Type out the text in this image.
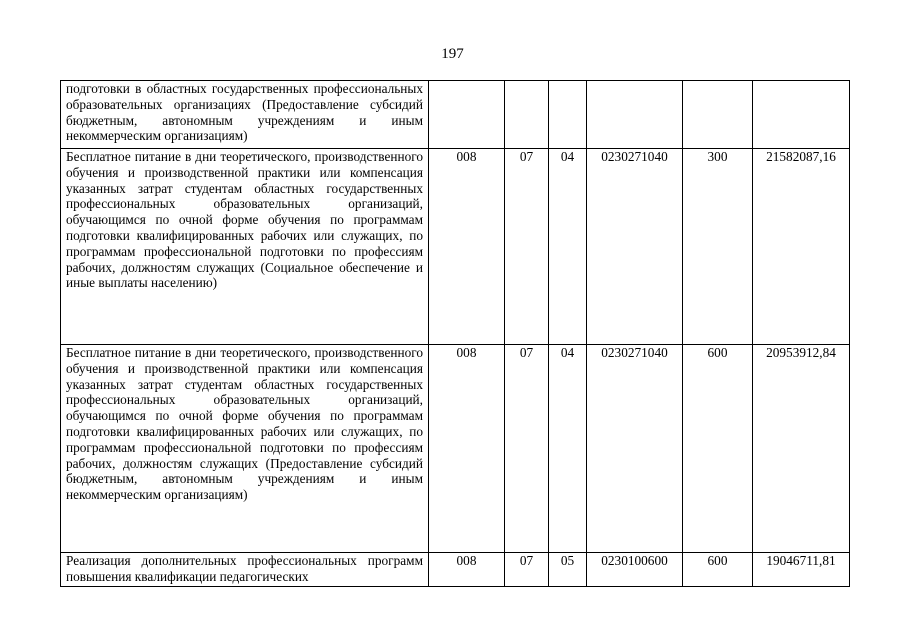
197
подготовки в областных государственных профессиональных образовательных организациях (Предоставление субсидий бюджетным, автономным учреждениям и иным некоммерческим организациям)						
Бесплатное питание в дни теоретического, производственного обучения и производственной практики или компенсация указанных затрат студентам областных государственных профессиональных образовательных организаций, обучающимся по очной форме обучения по программам подготовки квалифицированных рабочих или служащих, по программам профессиональной подготовки по профессиям рабочих, должностям служащих (Социальное обеспечение и иные выплаты населению)	008	07	04	0230271040	300	21582087,16
Бесплатное питание в дни теоретического, производственного обучения и производственной практики или компенсация указанных затрат студентам областных государственных профессиональных образовательных организаций, обучающимся по очной форме обучения по программам подготовки квалифицированных рабочих или служащих, по программам профессиональной подготовки по профессиям рабочих, должностям служащих (Предоставление субсидий бюджетным, автономным учреждениям и иным некоммерческим организациям)	008	07	04	0230271040	600	20953912,84
Реализация дополнительных профессиональных программ повышения квалификации педагогических	008	07	05	0230100600	600	19046711,81
